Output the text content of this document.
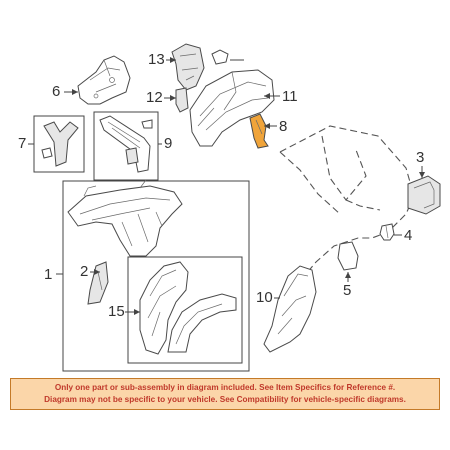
6
13
12	11
8
7	9
1 2
15
3
4
5
10
Only one part or sub-assembly in diagram included. See Item Specifics for Reference #.
Diagram may not be specific to your vehicle. See Compatibility for vehicle-specific diagrams.
